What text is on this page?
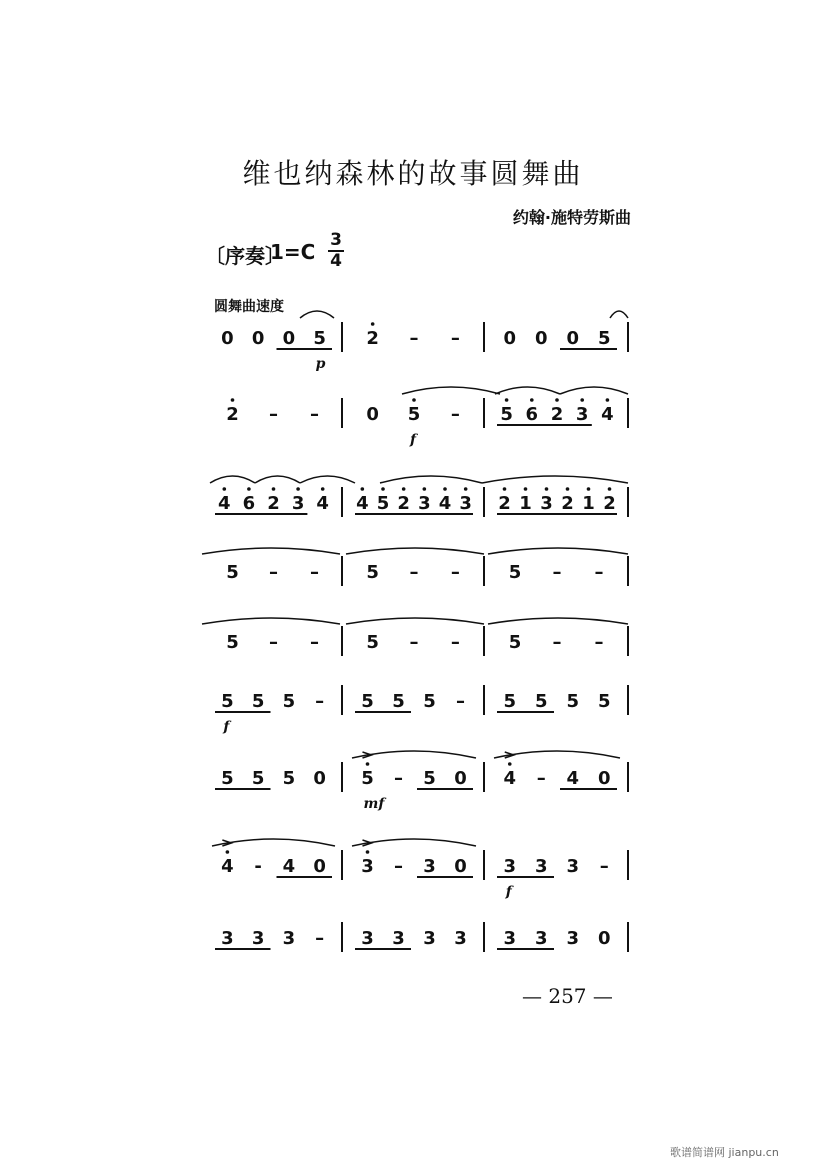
维也纳森林的故事圆舞曲
约翰·施特劳斯曲
〔序奏〕
1=C 3
4
圆舞曲速度
0 0 0 5 2 – – 0 0 0 5
p
2 – –	0 5 – 5 6 2 3 4
f
4 6 2 3 4 4 5 2 3 4 3 2 1 3 2 1 2
5 – –	5 – –	5 – –
5 – –	5 – –	5 – –
5 5 5 – 5 5 5 – 5 5 5 5
f
5 5 5 0 5 – 5 0 4 – 4 0
mf
4 - 4 0 3 – 3 0 3 3 3 –
f
3 3 3 – 3 3 3 3 3 3 3 0
— 257 —
歌谱简谱网 jianpu.cn
